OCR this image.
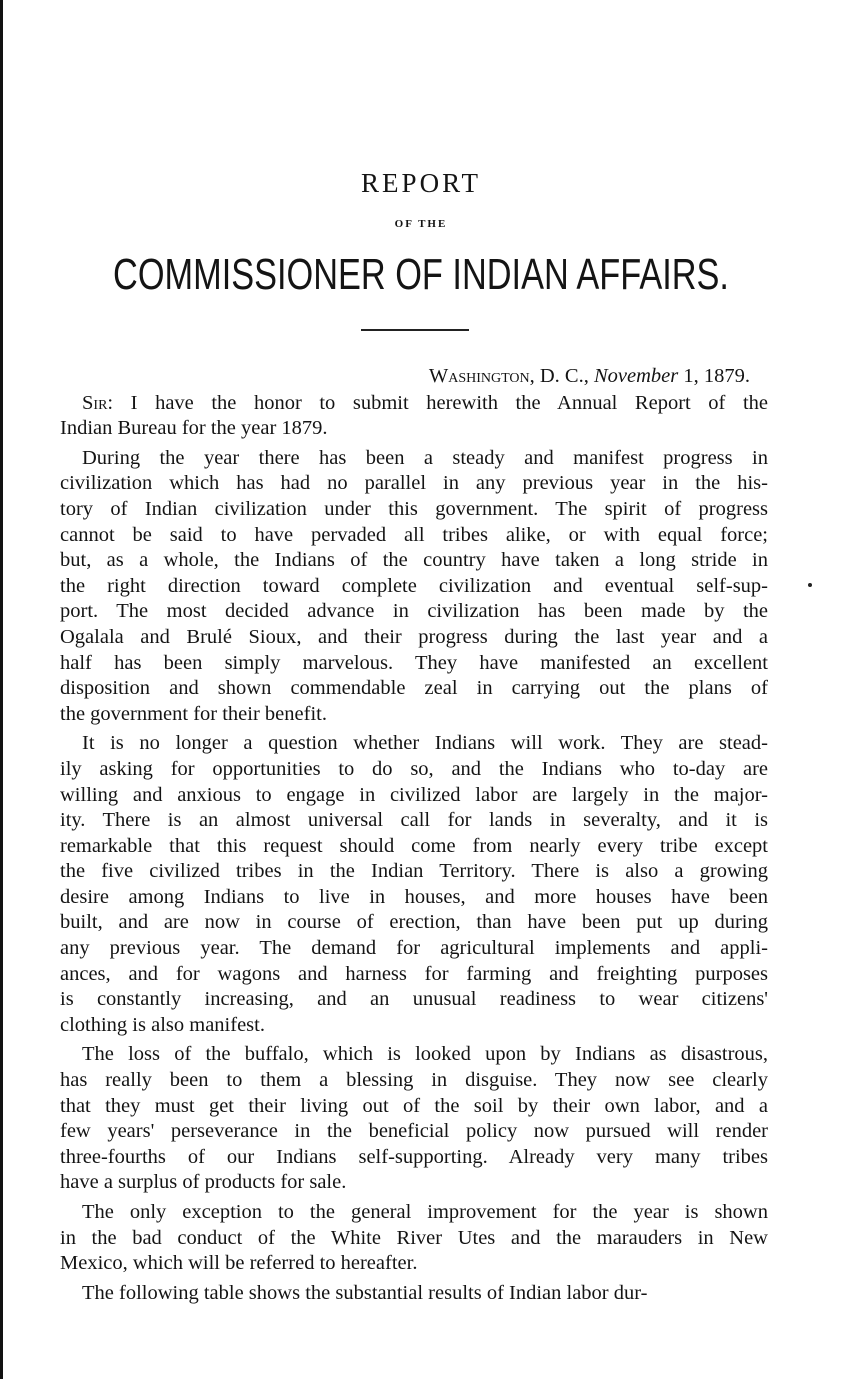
REPORT
OF THE
COMMISSIONER OF INDIAN AFFAIRS.
Washington, D. C., November 1, 1879.
Sir: I have the honor to submit herewith the Annual Report of the
Indian Bureau for the year 1879.
During the year there has been a steady and manifest progress in
civilization which has had no parallel in any previous year in the his-
tory of Indian civilization under this government. The spirit of progress
cannot be said to have pervaded all tribes alike, or with equal force;
but, as a whole, the Indians of the country have taken a long stride in
the right direction toward complete civilization and eventual self-sup-
port. The most decided advance in civilization has been made by the
Ogalala and Brulé Sioux, and their progress during the last year and a
half has been simply marvelous. They have manifested an excellent
disposition and shown commendable zeal in carrying out the plans of
the government for their benefit.
It is no longer a question whether Indians will work. They are stead-
ily asking for opportunities to do so, and the Indians who to-day are
willing and anxious to engage in civilized labor are largely in the major-
ity. There is an almost universal call for lands in severalty, and it is
remarkable that this request should come from nearly every tribe except
the five civilized tribes in the Indian Territory. There is also a growing
desire among Indians to live in houses, and more houses have been
built, and are now in course of erection, than have been put up during
any previous year. The demand for agricultural implements and appli-
ances, and for wagons and harness for farming and freighting purposes
is constantly increasing, and an unusual readiness to wear citizens'
clothing is also manifest.
The loss of the buffalo, which is looked upon by Indians as disastrous,
has really been to them a blessing in disguise. They now see clearly
that they must get their living out of the soil by their own labor, and a
few years' perseverance in the beneficial policy now pursued will render
three-fourths of our Indians self-supporting. Already very many tribes
have a surplus of products for sale.
The only exception to the general improvement for the year is shown
in the bad conduct of the White River Utes and the marauders in New
Mexico, which will be referred to hereafter.
The following table shows the substantial results of Indian labor dur-
